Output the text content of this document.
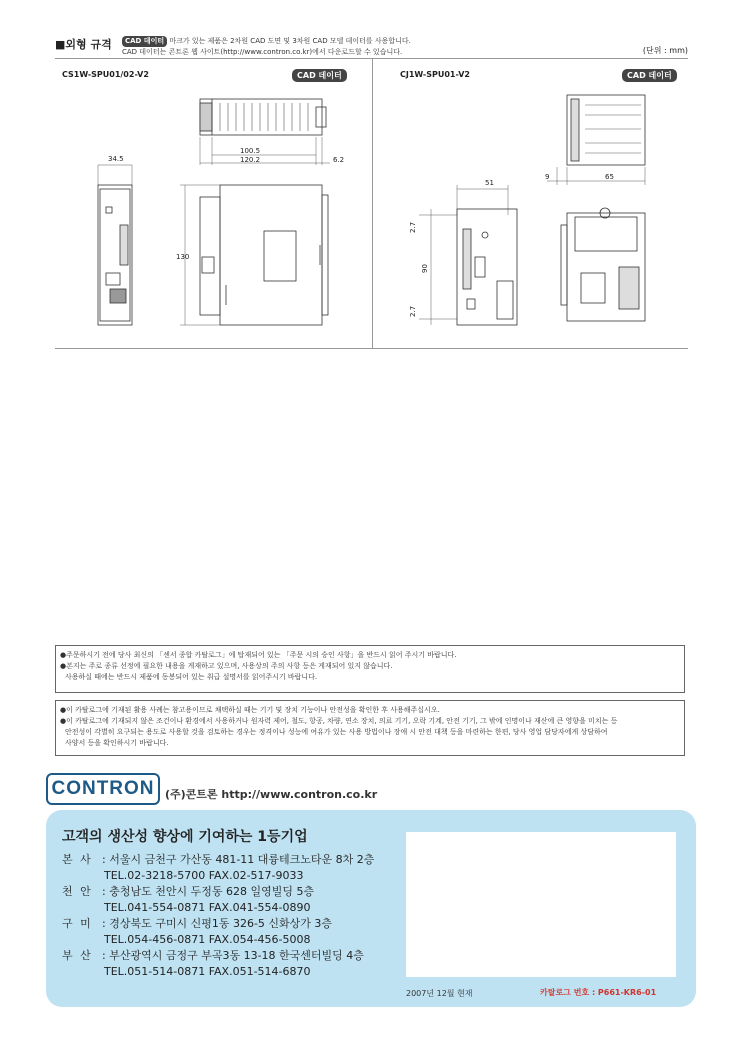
■외형 규격	CAD 데이터 마크가 있는 제품은 2차원 CAD 도면 및 3차원 CAD 모델 데이터를 사용합니다.
CAD 데이터는 콘트론 웹 사이트(http://www.contron.co.kr)에서 다운로드할 수 있습니다.	(단위 : mm)
CS1W-SPU01/02-V2	CAD 데이터	CJ1W-SPU01-V2	CAD 데이터
100.5
120.2	6.2
34.5
130
51
9	65
2.7
90
2.7

●주문하시기 전에 당사 최신의 「센서 종합 카탈로그」에 탑재되어 있는 「주문 시의 승인 사항」을 반드시 읽어 주시기 바랍니다.

●본지는 주로 종류 선정에 필요한 내용을 게재하고 있으며, 사용상의 주의 사항 등은 게재되어 있지 않습니다.

사용하실 때에는 반드시 제품에 동봉되어 있는 취급 설명서를 읽어주시기 바랍니다.

●이 카탈로그에 기재된 활용 사례는 참고용이므로 채택하실 때는 기기 및 장치 기능이나 안전성을 확인한 후 사용해주십시오.

●이 카탈로그에 기재되지 않은 조건이나 환경에서 사용하거나 원자력 제어, 철도, 항공, 차량, 연소 장치, 의료 기기, 오락 기계, 안전 기기, 그 밖에 인명이나 재산에 큰 영향을 미치는 등

안전성이 각별히 요구되는 용도로 사용할 것을 검토하는 경우는 정격이나 성능에 여유가 있는 사용 방법이나 장애 시 안전 대책 등을 마련하는 한편, 당사 영업 담당자에게 상담하여

사양서 등을 확인하시기 바랍니다.

CONTRON (주)콘트론 http://www.contron.co.kr
고객의 생산성 향상에 기여하는 1등기업
본 사 : 서울시 금천구 가산동 481-11 대륭테크노타운 8차 2층
TEL.02-3218-5700 FAX.02-517-9033
천 안 : 충청남도 천안시 두정동 628 일영빌딩 5층
TEL.041-554-0871 FAX.041-554-0890
구 미 : 경상북도 구미시 신평1동 326-5 신화상가 3층
TEL.054-456-0871 FAX.054-456-5008
부 산 : 부산광역시 금정구 부곡3동 13-18 한국센터빌딩 4층
TEL.051-514-0871 FAX.051-514-6870
2007년 12월 현재	카탈로그 번호 : P661-KR6-01
